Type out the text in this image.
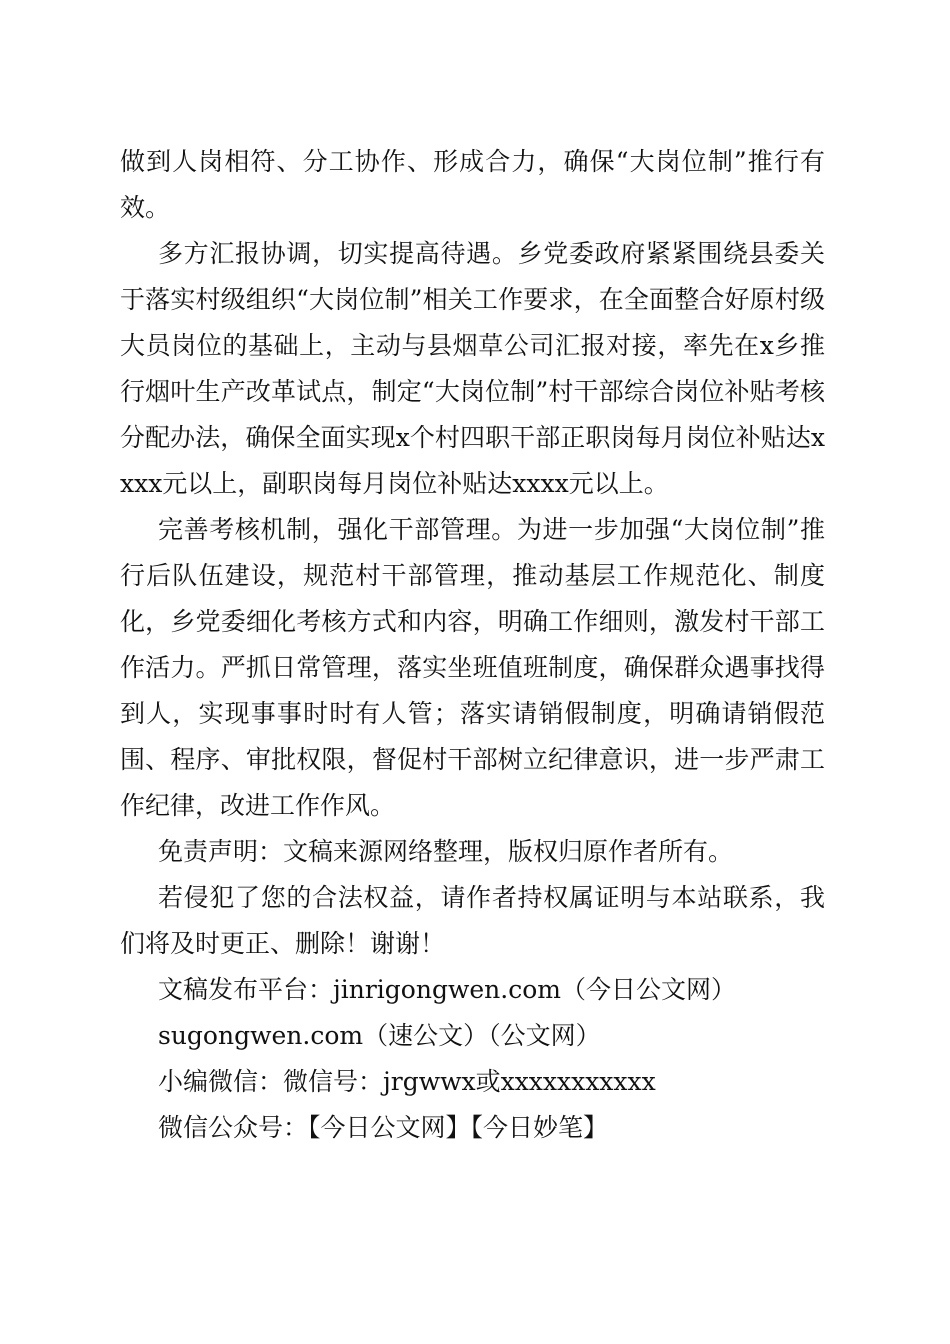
做到人岗相符、分工协作、形成合力，确保“大岗位制”推行有效。

多方汇报协调，切实提高待遇。乡党委政府紧紧围绕县委关于落实村级组织“大岗位制”相关工作要求，在全面整合好原村级大员岗位的基础上，主动与县烟草公司汇报对接，率先在x乡推行烟叶生产改革试点，制定“大岗位制”村干部综合岗位补贴考核分配办法，确保全面实现x个村四职干部正职岗每月岗位补贴达xxxx元以上，副职岗每月岗位补贴达xxxx元以上。

完善考核机制，强化干部管理。为进一步加强“大岗位制”推行后队伍建设，规范村干部管理，推动基层工作规范化、制度化，乡党委细化考核方式和内容，明确工作细则，激发村干部工作活力。严抓日常管理，落实坐班值班制度，确保群众遇事找得到人，实现事事时时有人管；落实请销假制度，明确请销假范围、程序、审批权限，督促村干部树立纪律意识，进一步严肃工作纪律，改进工作作风。

免责声明：文稿来源网络整理，版权归原作者所有。

若侵犯了您的合法权益，请作者持权属证明与本站联系，我们将及时更正、删除！谢谢！

文稿发布平台：jinrigongwen.com（今日公文网）

sugongwen.com（速公文）（公文网）

小编微信：微信号：jrgwwx或xxxxxxxxxxx

微信公众号：【今日公文网】【今日妙笔】
